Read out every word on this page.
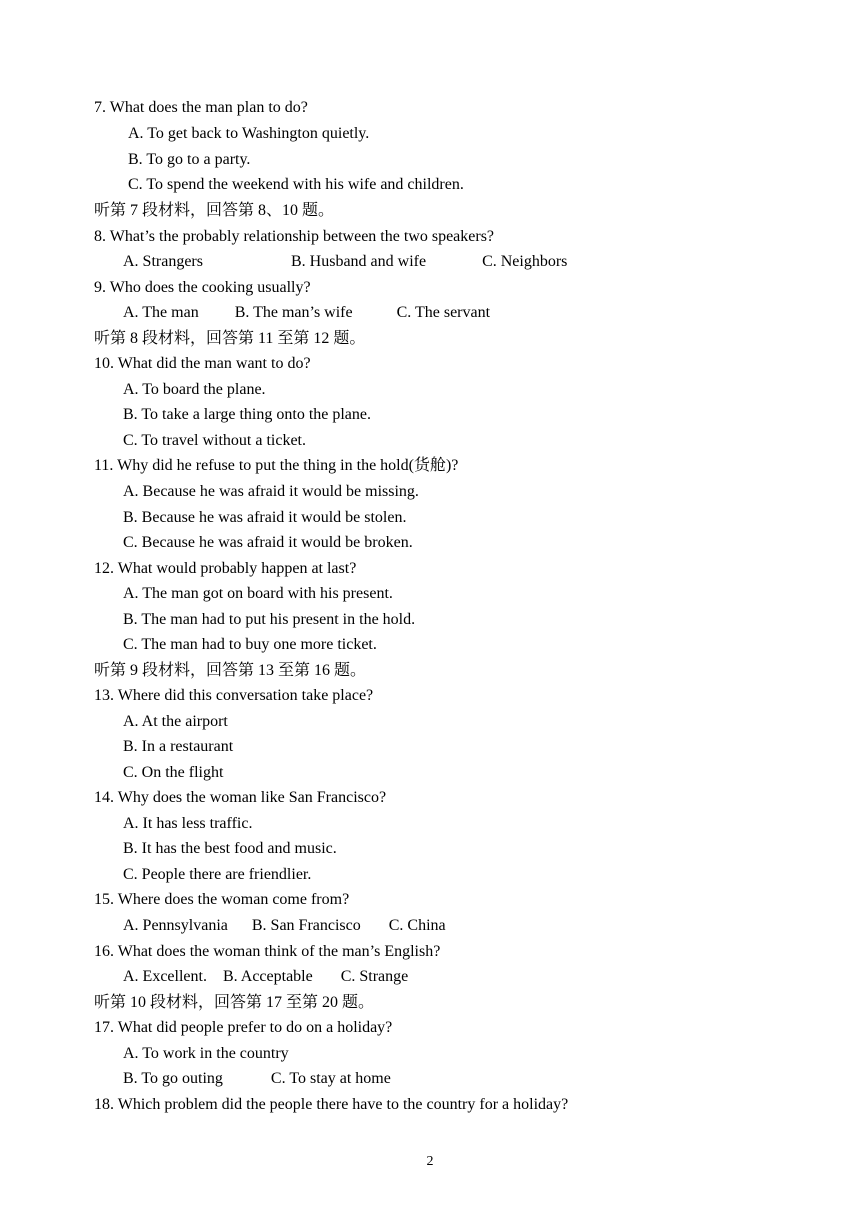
7. What does the man plan to do?
A. To get back to Washington quietly.
B. To go to a party.
C. To spend the weekend with his wife and children.
听第 7 段材料，回答第 8、10 题。
8. What’s the probably relationship between the two speakers?
A. Strangers                      B. Husband and wife              C. Neighbors
9. Who does the cooking usually?
A. The man         B. The man’s wife           C. The servant
听第 8 段材料，回答第 11 至第 12 题。
10. What did the man want to do?
A. To board the plane.
B. To take a large thing onto the plane.
C. To travel without a ticket.
11. Why did he refuse to put the thing in the hold(货舱)?
A. Because he was afraid it would be missing.
B. Because he was afraid it would be stolen.
C. Because he was afraid it would be broken.
12. What would probably happen at last?
A. The man got on board with his present.
B. The man had to put his present in the hold.
C. The man had to buy one more ticket.
听第 9 段材料，回答第 13 至第 16 题。
13. Where did this conversation take place?
A. At the airport
B. In a restaurant
C. On the flight
14. Why does the woman like San Francisco?
A. It has less traffic.
B. It has the best food and music.
C. People there are friendlier.
15. Where does the woman come from?
A. Pennsylvania      B. San Francisco       C. China
16. What does the woman think of the man’s English?
A. Excellent.    B. Acceptable       C. Strange
听第 10 段材料，回答第 17 至第 20 题。
17. What did people prefer to do on a holiday?
A. To work in the country
B. To go outing            C. To stay at home
18. Which problem did the people there have to the country for a holiday?
2
